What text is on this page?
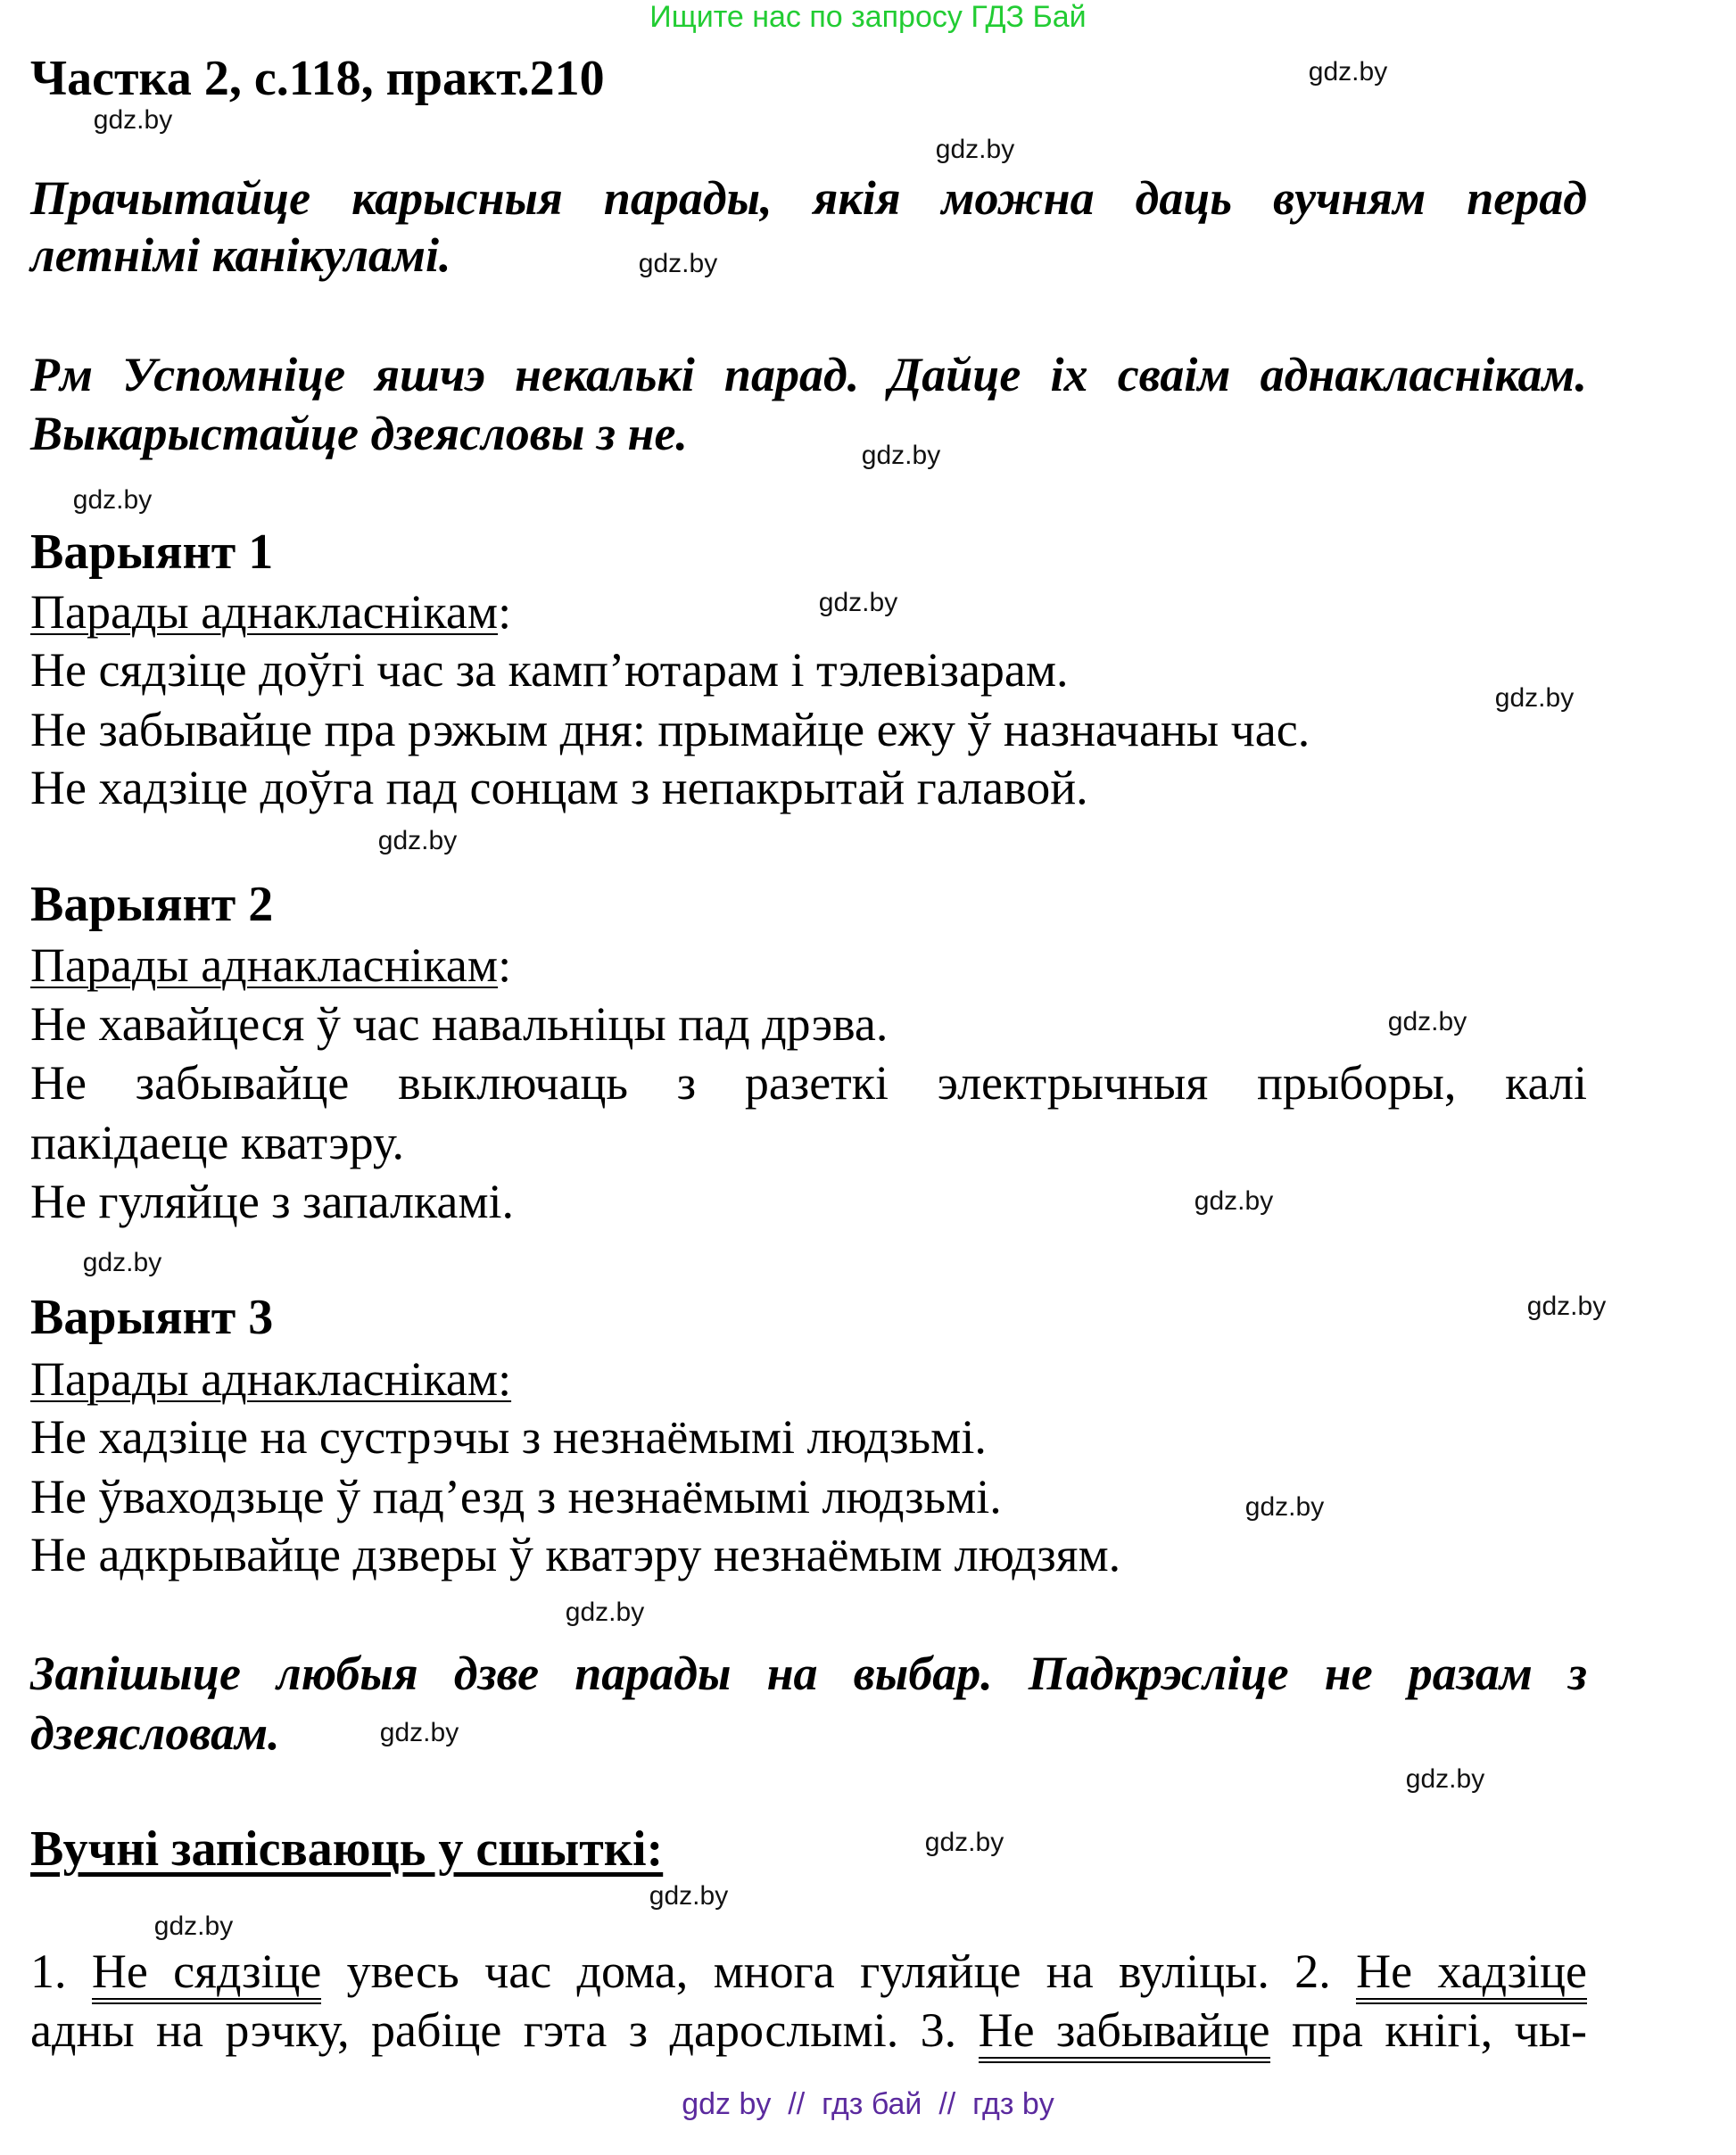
Ищите нас по запросу ГДЗ Бай
Частка 2, с.118, практ.210
Прачытайце карысныя парады, якія можна даць вучням перад
летнімі канікуламі.
Рм Успомніце яшчэ некалькі парад. Дайце іх сваім аднакласнікам.
Выкарыстайце дзеясловы з не.
Варыянт 1
Парады аднакласнікам:
Не сядзіце доўгі час за камп’ютарам і тэлевізарам.
Не забывайце пра рэжым дня: прымайце ежу ў назначаны час.
Не хадзіце доўга пад сонцам з непакрытай галавой.
Варыянт 2
Парады аднакласнікам:
Не хавайцеся ў час навальніцы пад дрэва.
Не забывайце выключаць з разеткі электрычныя прыборы, калі
пакідаеце кватэру.
Не гуляйце з запалкамі.
Варыянт 3
Парады аднакласнікам:
Не хадзіце на сустрэчы з незнаёмымі людзьмі.
Не ўваходзьце ў пад’езд з незнаёмымі людзьмі.
Не адкрывайце дзверы ў кватэру незнаёмым людзям.
Запішыце любыя дзве парады на выбар. Падкрэсліце не разам з
дзеясловам.
Вучні запісваюць у сшыткі:
1. Не сядзіце увесь час дома, многа гуляйце на вуліцы. 2. Не хадзіце
адны на рэчку, рабіце гэта з дарослымі. 3. Не забывайце пра кнігі, чы-
gdz.by
gdz.by
gdz.by
gdz.by
gdz.by
gdz.by
gdz.by
gdz.by
gdz.by
gdz.by
gdz.by
gdz.by
gdz.by
gdz.by
gdz.by
gdz.by
gdz.by
gdz.by
gdz.by
gdz.by
gdz by  //  гдз бай  //  гдз by
